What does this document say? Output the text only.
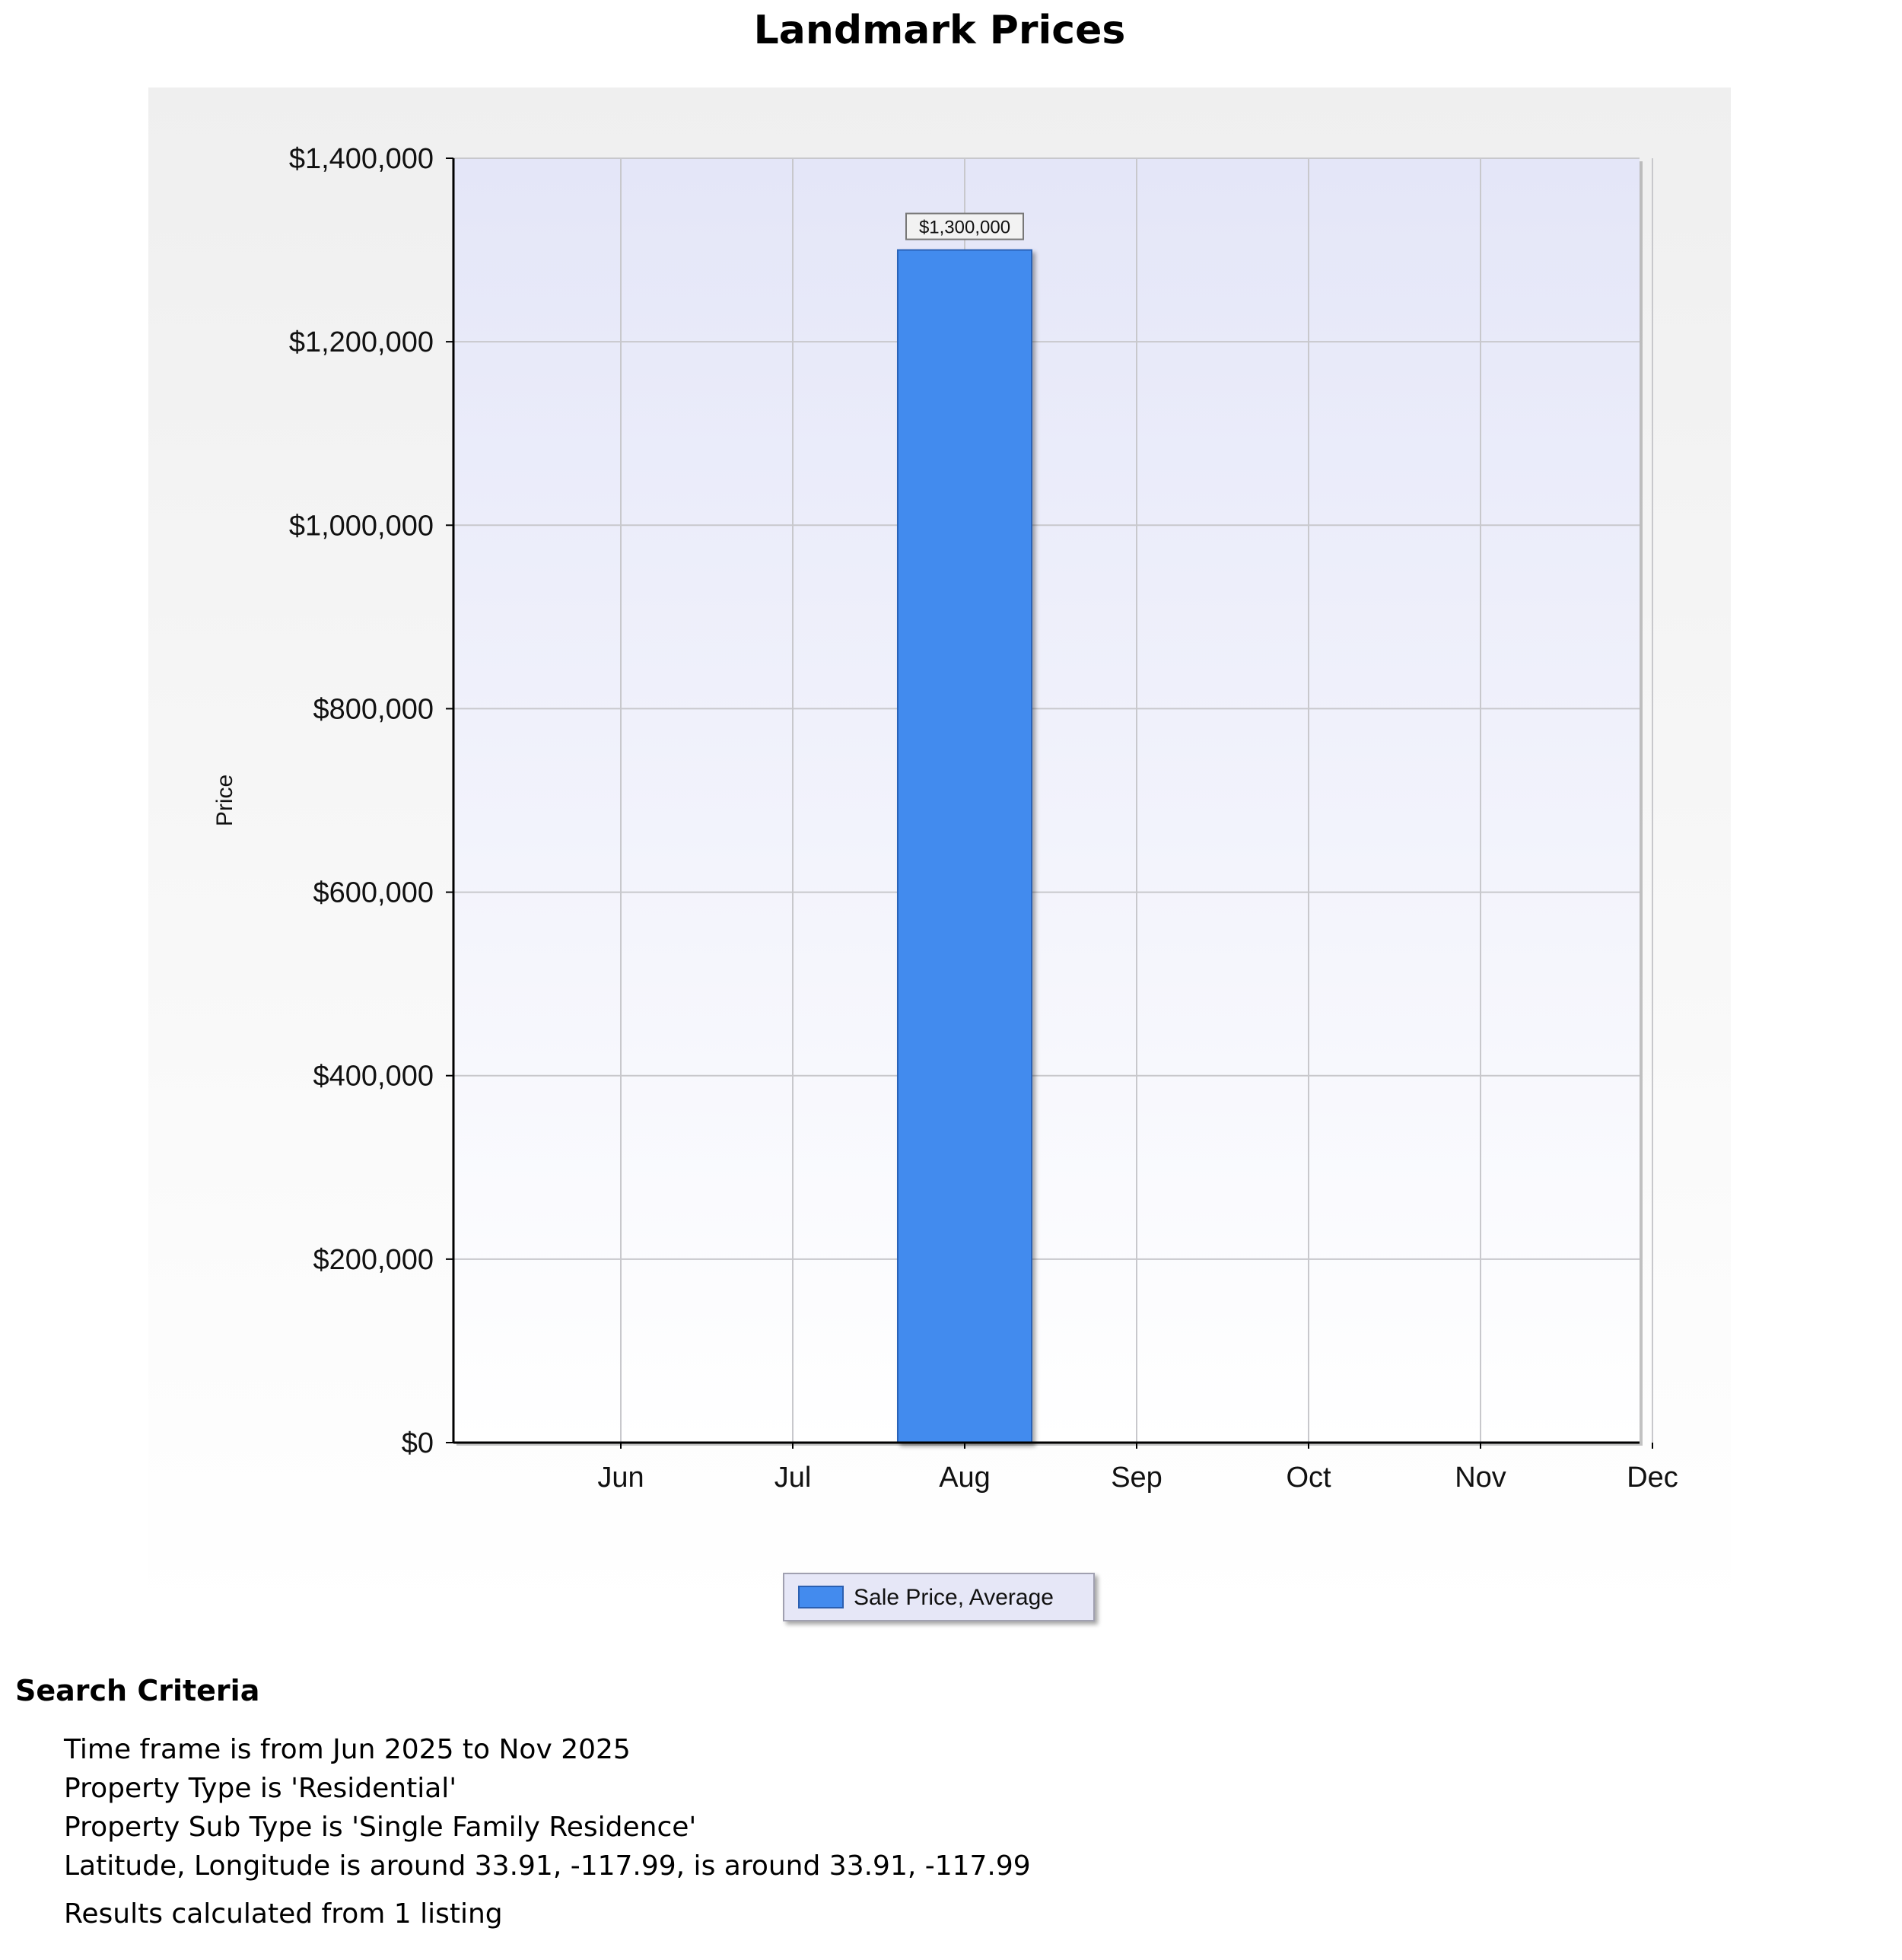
Landmark Prices
$0
$200,000
$400,000
$600,000
$800,000
$1,000,000
$1,200,000
$1,400,000
Jun	Jul	Aug	Sep	Oct	Nov	Dec
$1,300,000
Price
Sale Price, Average
Search Criteria
Time frame is from Jun 2025 to Nov 2025
Property Type is 'Residential'
Property Sub Type is 'Single Family Residence'
Latitude, Longitude is around 33.91, -117.99, is around 33.91, -117.99
Results calculated from 1 listing
